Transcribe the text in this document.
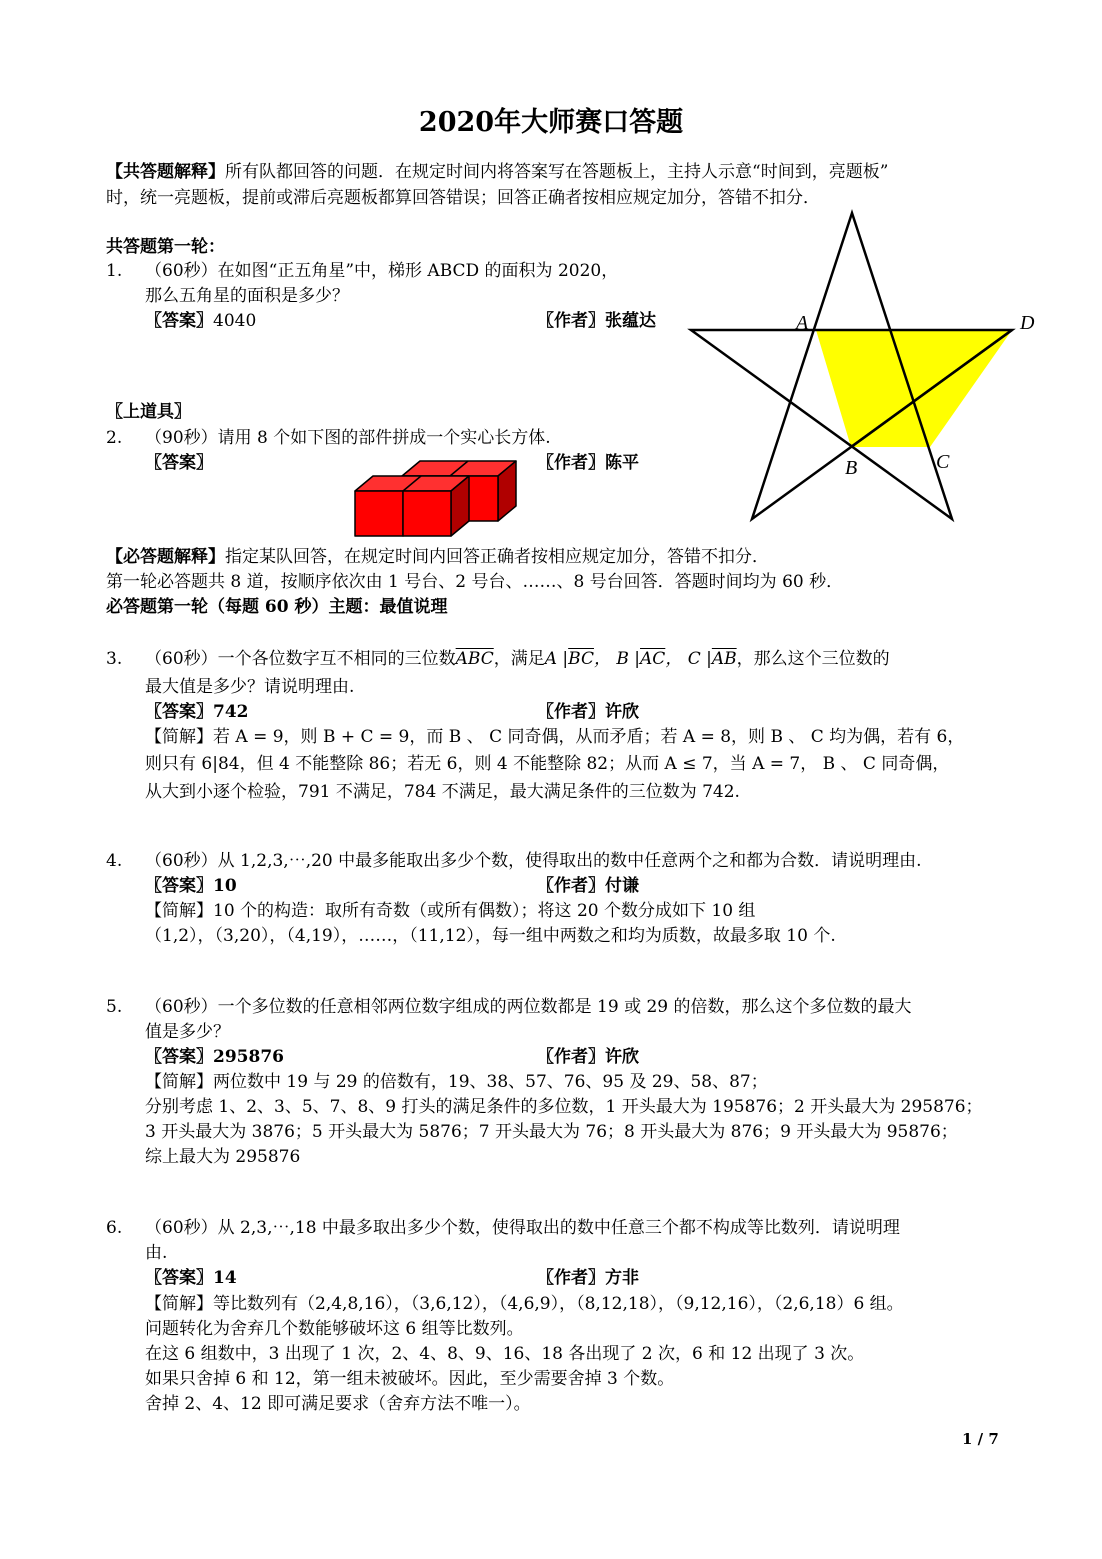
2020年大师赛口答题
【共答题解释】所有队都回答的问题．在规定时间内将答案写在答题板上，主持人示意“时间到，亮题板”
时，统一亮题板，提前或滞后亮题板都算回答错误；回答正确者按相应规定加分，答错不扣分．
共答题第一轮：
1. （60秒）在如图“正五角星”中，梯形 ABCD 的面积为 2020，
那么五角星的面积是多少？
〖答案〗4040	〖作者〗张蕴达	A	D
B	C
〖上道具〗
2. （90秒）请用 8 个如下图的部件拼成一个实心长方体.
〖答案〗	〖作者〗陈平
【必答题解释】指定某队回答，在规定时间内回答正确者按相应规定加分，答错不扣分．
第一轮必答题共 8 道，按顺序依次由 1 号台、2 号台、……、8 号台回答．答题时间均为 60 秒．
必答题第一轮（每题 60 秒）主题：最值说理
3. （60秒）一个各位数字互不相同的三位数$\overline{ABC}$，满足A $|\overline{BC}$， B $|\overline{AC}$， C $|\overline{AB}$，那么这个三位数的
最大值是多少？请说明理由.
〖答案〗742	〖作者〗许欣
【简解】若 A = 9，则 B + C = 9，而 B 、 C 同奇偶，从而矛盾；若 A = 8，则 B 、 C 均为偶，若有 6，
则只有 6|84，但 4 不能整除 86；若无 6，则 4 不能整除 82；从而 A ≤ 7，当 A = 7， B 、 C 同奇偶，
从大到小逐个检验，791 不满足，784 不满足，最大满足条件的三位数为 742.
4. （60秒）从 1,2,3,⋯,20 中最多能取出多少个数，使得取出的数中任意两个之和都为合数．请说明理由.
〖答案〗10	〖作者〗付谦
【简解】10 个的构造：取所有奇数（或所有偶数）；将这 20 个数分成如下 10 组
（1,2），（3,20），（4,19），……，（11,12），每一组中两数之和均为质数，故最多取 10 个.
5. （60秒）一个多位数的任意相邻两位数字组成的两位数都是 19 或 29 的倍数，那么这个多位数的最大
值是多少？
〖答案〗295876	〖作者〗许欣
【简解】两位数中 19 与 29 的倍数有，19、38、57、76、95 及 29、58、87；
分别考虑 1、2、3、5、7、8、9 打头的满足条件的多位数，1 开头最大为 195876；2 开头最大为 295876；
3 开头最大为 3876；5 开头最大为 5876；7 开头最大为 76；8 开头最大为 876；9 开头最大为 95876；
综上最大为 295876
6. （60秒）从 2,3,⋯,18 中最多取出多少个数，使得取出的数中任意三个都不构成等比数列．请说明理
由.
〖答案〗14	〖作者〗方非
【简解】等比数列有（2,4,8,16），（3,6,12），（4,6,9），（8,12,18），（9,12,16），（2,6,18）6 组。
问题转化为舍弃几个数能够破坏这 6 组等比数列。
在这 6 组数中，3 出现了 1 次，2、4、8、9、16、18 各出现了 2 次，6 和 12 出现了 3 次。
如果只舍掉 6 和 12，第一组未被破坏。因此，至少需要舍掉 3 个数。
舍掉 2、4、12 即可满足要求（舍弃方法不唯一）。
1 / 7
